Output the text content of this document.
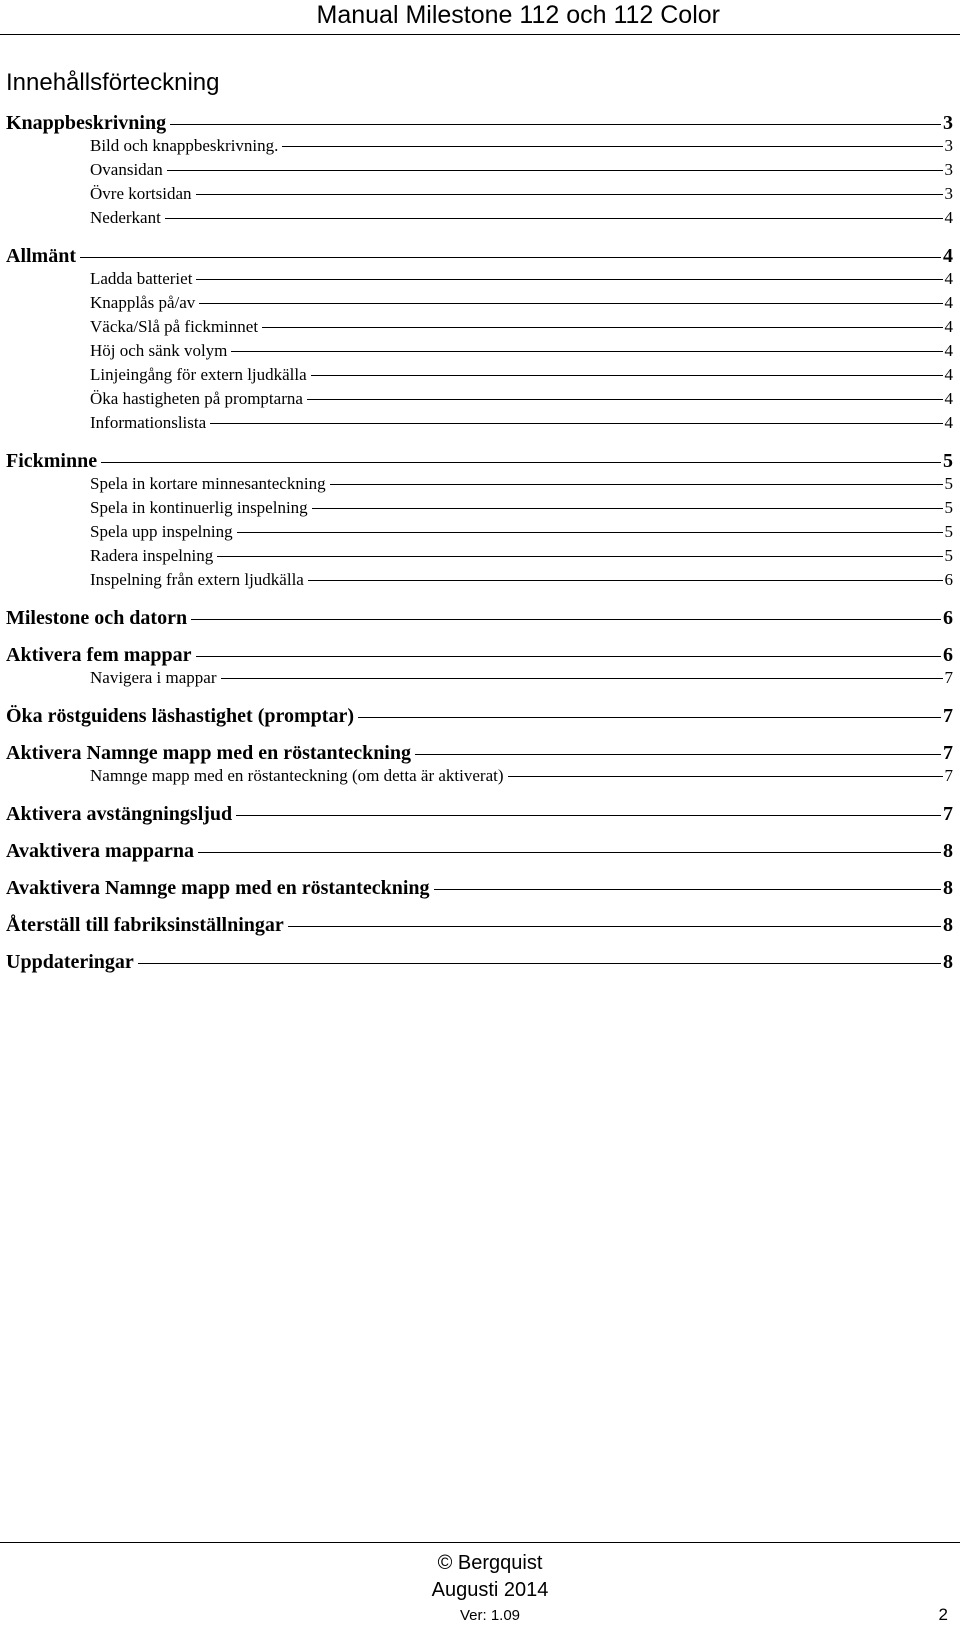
Manual Milestone 112 och 112 Color
Innehållsförteckning
Knappbeskrivning	3
Bild och knappbeskrivning.	3
Ovansidan	3
Övre kortsidan	3
Nederkant	4
Allmänt	4
Ladda batteriet	4
Knapplås på/av	4
Väcka/Slå på fickminnet	4
Höj och sänk volym	4
Linjeingång för extern ljudkälla	4
Öka hastigheten på promptarna	4
Informationslista	4
Fickminne	5
Spela in kortare minnesanteckning	5
Spela in kontinuerlig inspelning	5
Spela upp inspelning	5
Radera inspelning	5
Inspelning från extern ljudkälla	6
Milestone och datorn	6
Aktivera fem mappar	6
Navigera i mappar	7
Öka röstguidens läshastighet (promptar)	7
Aktivera Namnge mapp med en röstanteckning	7
Namnge mapp med en röstanteckning (om detta är aktiverat)	7
Aktivera avstängningsljud	7
Avaktivera mapparna	8
Avaktivera Namnge mapp med en röstanteckning	8
Återställ till fabriksinställningar	8
Uppdateringar	8
© Bergquist
Augusti 2014
Ver: 1.09	2
